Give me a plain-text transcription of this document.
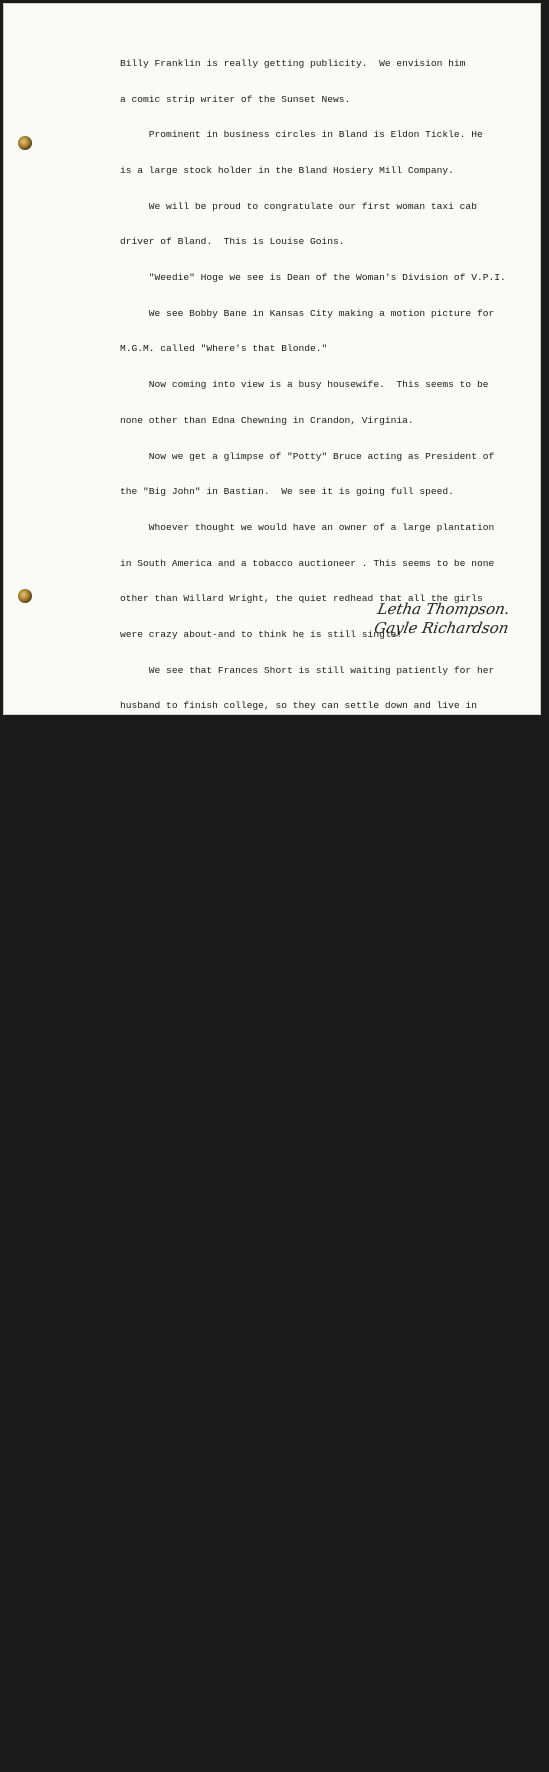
Billy Franklin is really getting publicity.  We envision him

a comic strip writer of the Sunset News.

Prominent in business circles in Bland is Eldon Tickle. He

is a large stock holder in the Bland Hosiery Mill Company.

We will be proud to congratulate our first woman taxi cab

driver of Bland.  This is Louise Goins.

"Weedie" Hoge we see is Dean of the Woman's Division of V.P.I.

We see Bobby Bane in Kansas City making a motion picture for

M.G.M. called "Where's that Blonde."

Now coming into view is a busy housewife.  This seems to be

none other than Edna Chewning in Crandon, Virginia.

Now we get a glimpse of "Potty" Bruce acting as President of

the "Big John" in Bastian.  We see it is going full speed.

Whoever thought we would have an owner of a large plantation

in South America and a tobacco auctioneer . This seems to be none

other than Willard Wright, the quiet redhead that all the girls

were crazy about-and to think he is still single!

We see that Frances Short is still waiting patiently for her

husband to finish college, so they can settle down and live in

their neat little bungalow at Hollybrook.

No one would guess after Ben  Bird, Jr. finishes four long

years at V.P.I. that he is going to join up with Tommy Dorsey's

Orchestra as pianist.

We wondered why Gloria Tickle spent so much time in Squire,

W. Va.  We see she likes it so well that she decided to make her

home there.

Coming before our vision are some Art Museums in Washington.

We see among the many paintings some of Milford Puckett's.  We

remember Milford was Art Editor of our Annual.

Roaming around at the top of Brushy Mountain and the little

town of Bastian we see Billy Bruce.  The same ho-bo as he was in

his senior year.

Joy Wright is happy helping to manage a large dairy farm

near Bland.

The citizens of Bland no longer will have to go to Bluefield

or Wytheville to have their dental work done.  Junior Scott will

make history and establish the first dental clinic in Bland.

Lois Miller and Ramona Wright, graduates of Radford College,

have secured positions as teachers at Hollybrook.

Gayle Richardson is a famous sweater girl of New York City.

Letha Thompson was so busy during her senior year keeping up

correspondence with certain branches of the armed forces, will soon

be relieved of some of this work because she is securing a position

as Secretary at an army post.

Hopes have blossomed to fruition

In achievements and careers-

Rare in intellect and promise

'51 has no peers.

Letha Thompson.
Gayle Richardson
